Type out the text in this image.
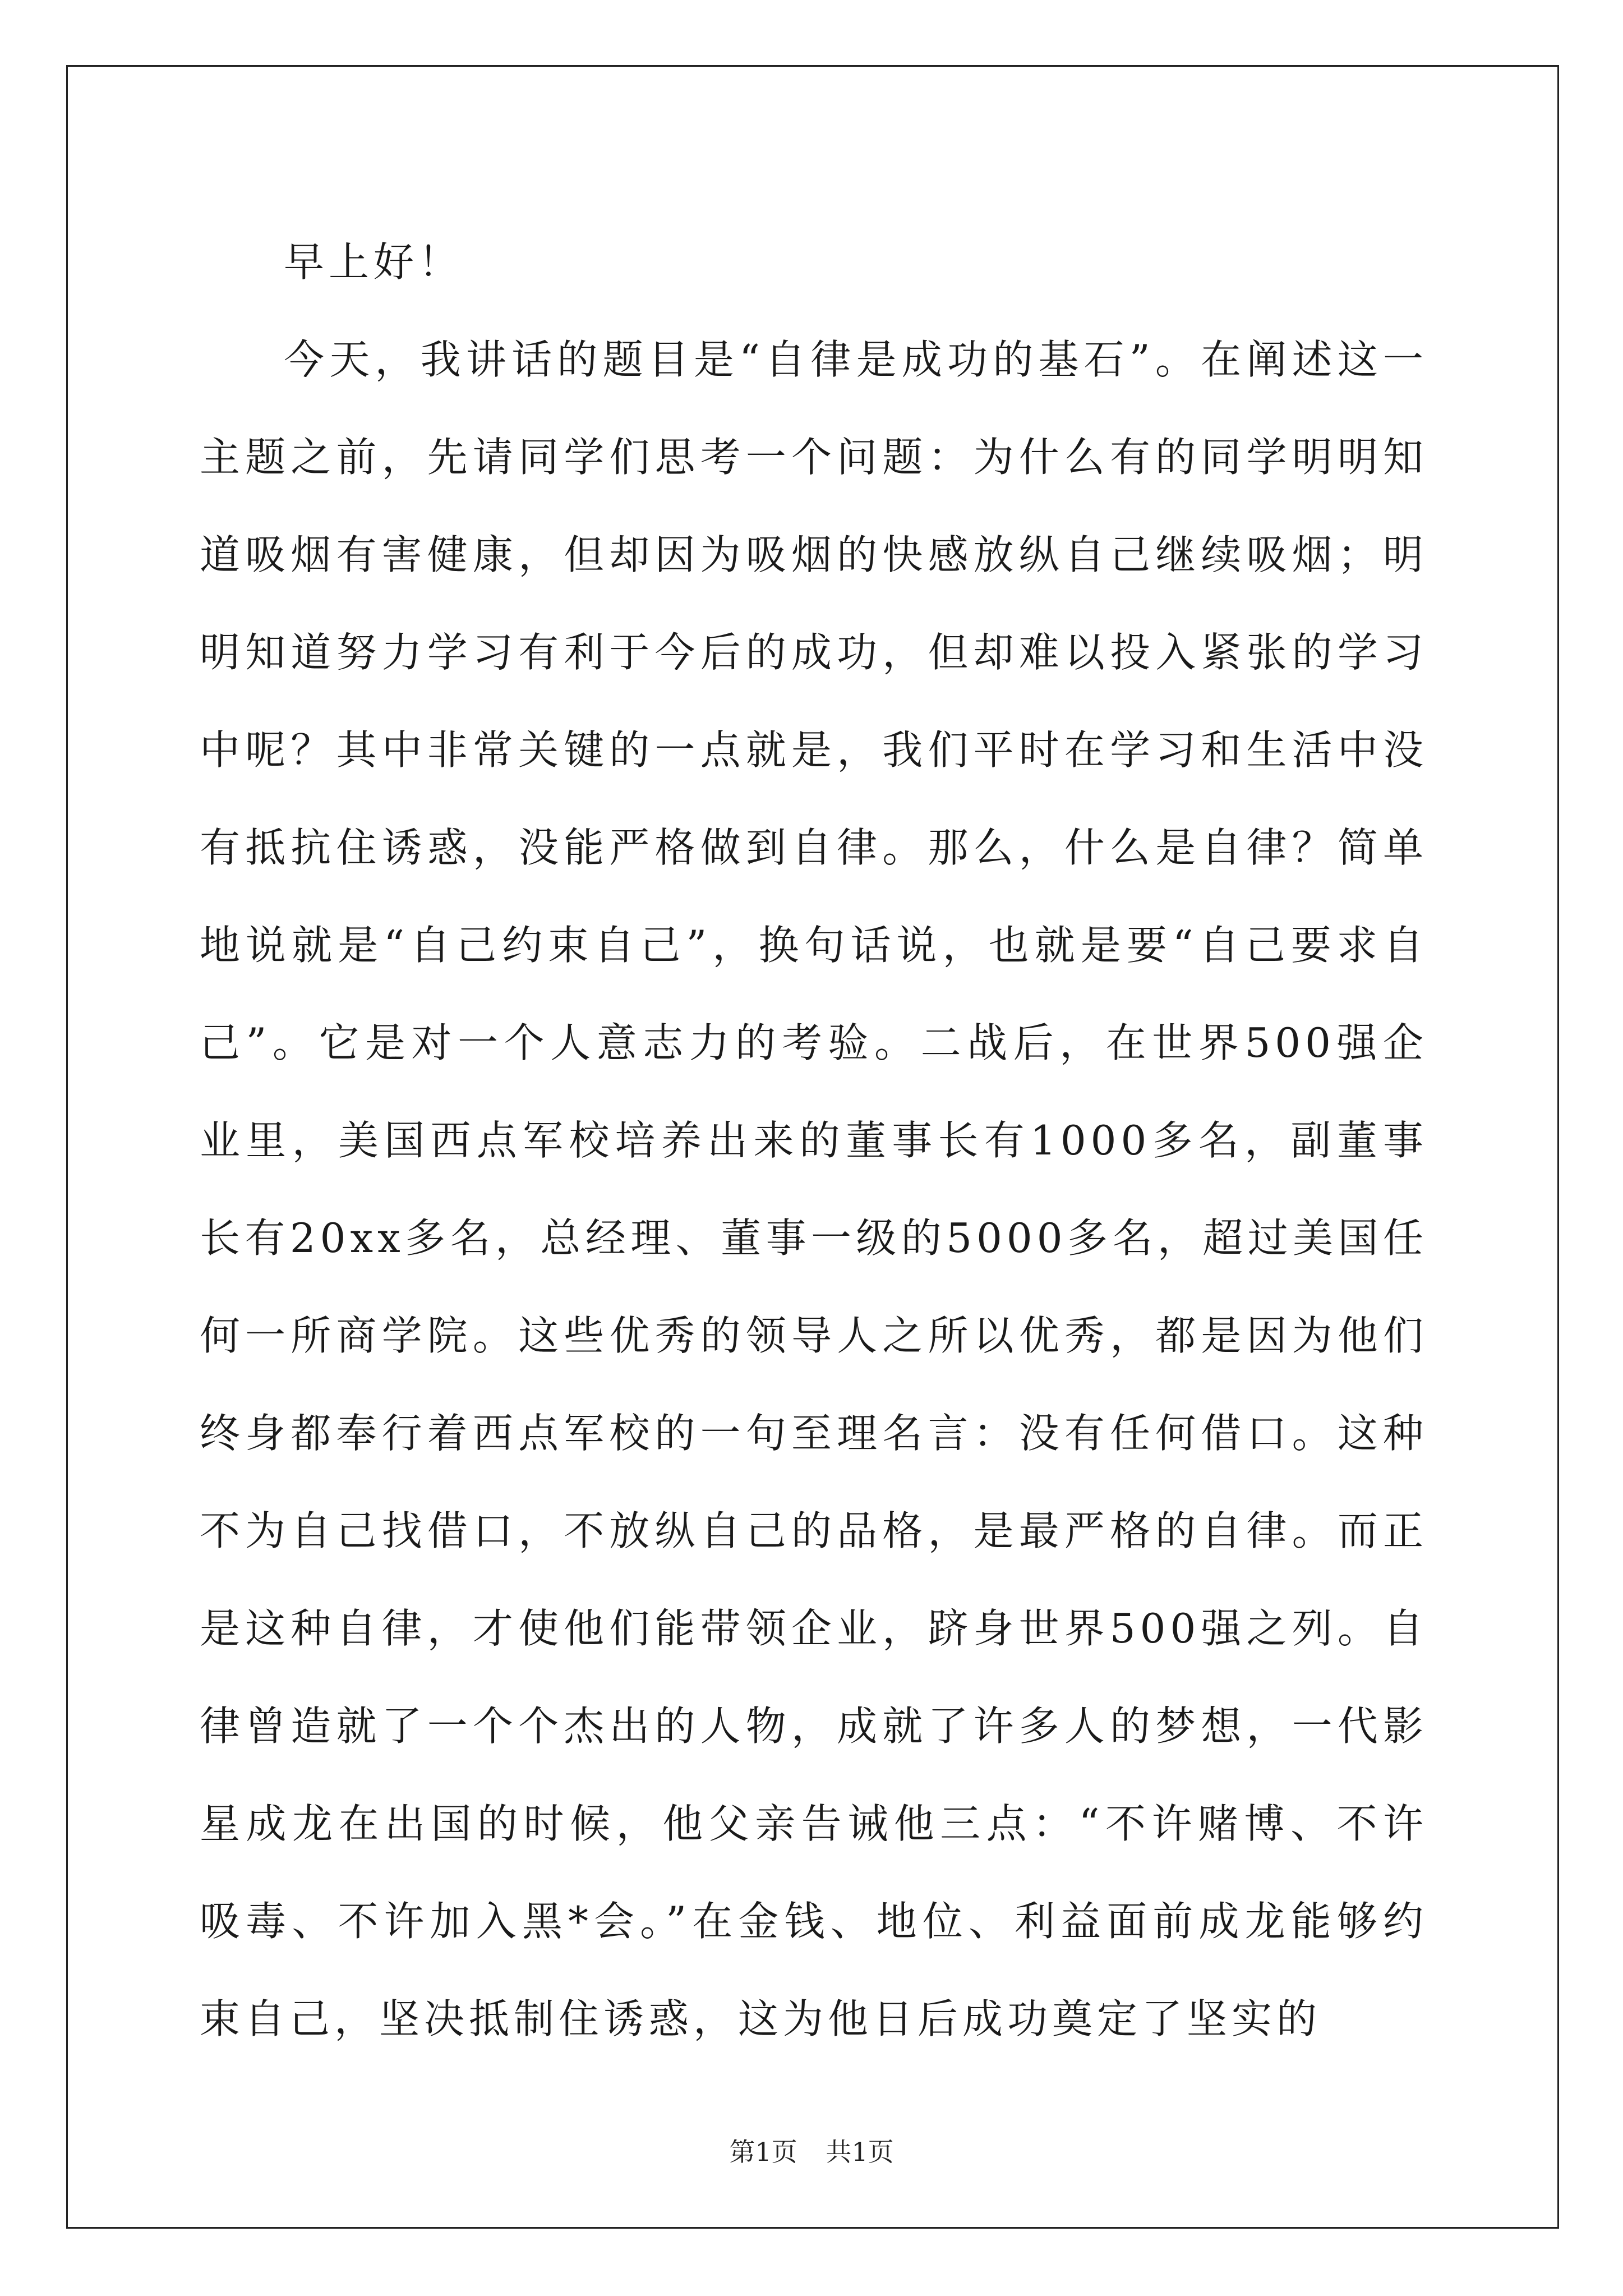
早上好！

今天，我讲话的题目是“自律是成功的基石”。在阐述这一主题之前，先请同学们思考一个问题：为什么有的同学明明知道吸烟有害健康，但却因为吸烟的快感放纵自己继续吸烟；明明知道努力学习有利于今后的成功，但却难以投入紧张的学习中呢？其中非常关键的一点就是，我们平时在学习和生活中没有抵抗住诱惑，没能严格做到自律。那么，什么是自律？简单地说就是“自己约束自己”，换句话说，也就是要“自己要求自己”。它是对一个人意志力的考验。二战后，在世界500强企业里，美国西点军校培养出来的董事长有1000多名，副董事长有20xx多名，总经理、董事一级的5000多名，超过美国任何一所商学院。这些优秀的领导人之所以优秀，都是因为他们终身都奉行着西点军校的一句至理名言：没有任何借口。这种不为自己找借口，不放纵自己的品格，是最严格的自律。而正是这种自律，才使他们能带领企业，跻身世界500强之列。自律曾造就了一个个杰出的人物，成就了许多人的梦想，一代影星成龙在出国的时候，他父亲告诫他三点：“不许赌博、不许吸毒、不许加入黑*会。”在金钱、地位、利益面前成龙能够约束自己，坚决抵制住诱惑，这为他日后成功奠定了坚实的

第1页 共1页
